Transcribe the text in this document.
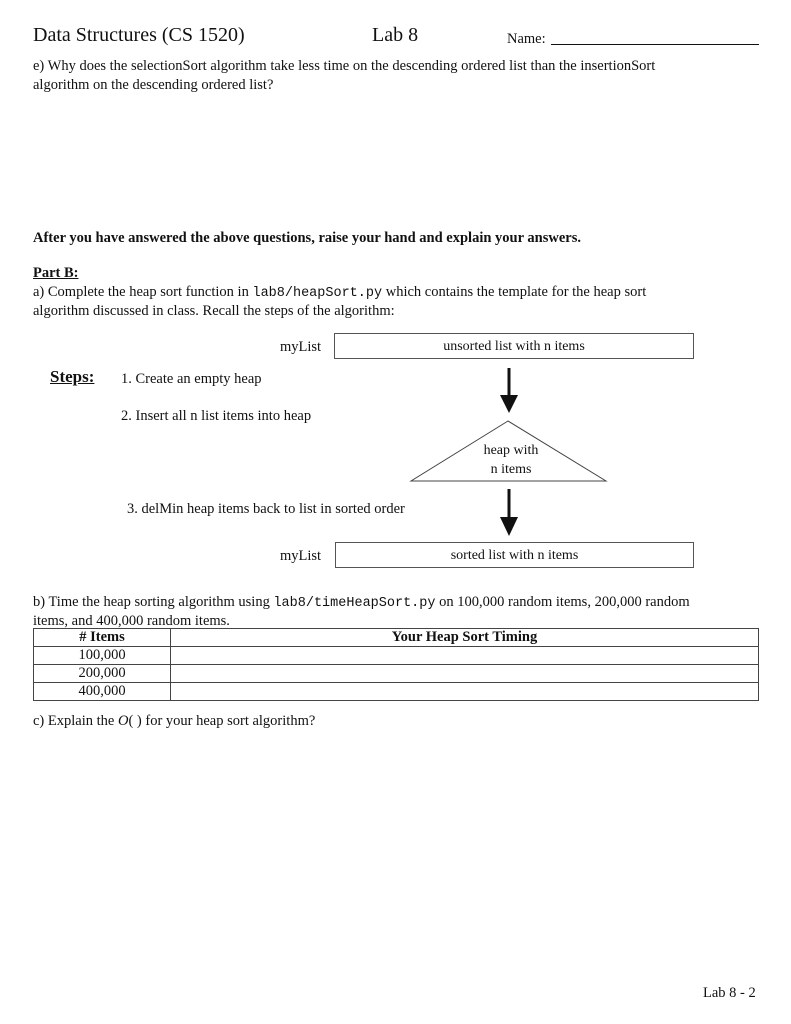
Data Structures (CS 1520)	Lab 8	Name:
e) Why does the selectionSort algorithm take less time on the descending ordered list than the insertionSort
algorithm on the descending ordered list?
After you have answered the above questions, raise your hand and explain your answers.
Part B:
a) Complete the heap sort function in lab8/heapSort.py which contains the template for the heap sort
algorithm discussed in class. Recall the steps of the algorithm:
myList	unsorted list with n items
Steps: 1. Create an empty heap
2. Insert all n list items into heap
3. delMin heap items back to list in sorted order
heap with
n items
myList	sorted list with n items
b) Time the heap sorting algorithm using lab8/timeHeapSort.py on 100,000 random items, 200,000 random
items, and 400,000 random items.
# Items	Your Heap Sort Timing
100,000	
200,000	
400,000	
c) Explain the O( ) for your heap sort algorithm?
Lab 8 - 2
